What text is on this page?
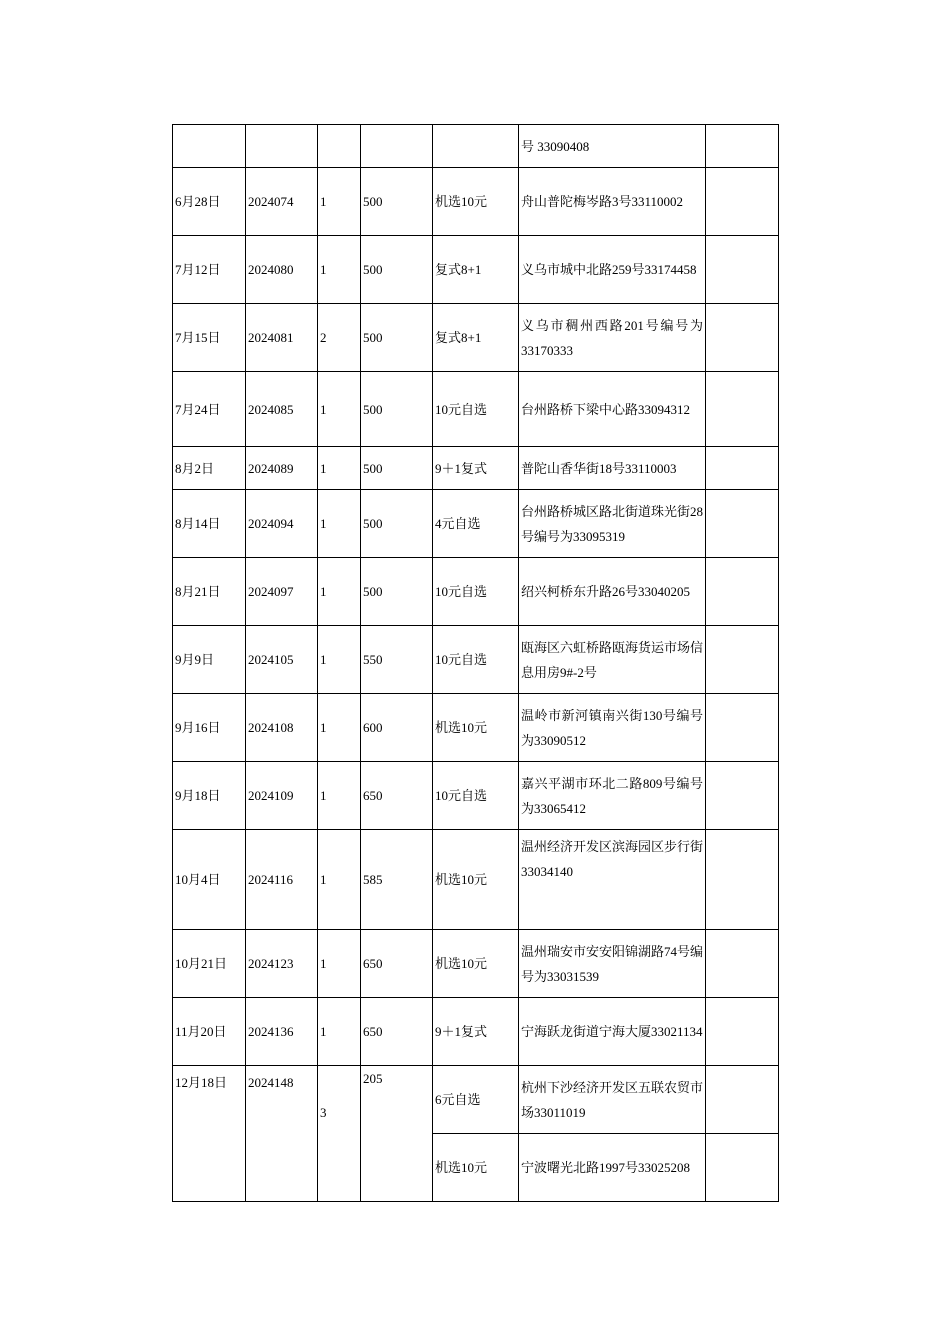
					号 33090408	
6月28日	2024074	1	500	机选10元	舟山普陀梅岑路3号33110002	
7月12日	2024080	1	500	复式8+1	义乌市城中北路259号33174458	
7月15日	2024081	2	500	复式8+1	义乌市稠州西路201号编号为33170333	
7月24日	2024085	1	500	10元自选	台州路桥下梁中心路33094312	
8月2日	2024089	1	500	9＋1复式	普陀山香华街18号33110003	
8月14日	2024094	1	500	4元自选	台州路桥城区路北街道珠光街28号编号为33095319	
8月21日	2024097	1	500	10元自选	绍兴柯桥东升路26号33040205	
9月9日	2024105	1	550	10元自选	瓯海区六虹桥路瓯海货运市场信息用房9#-2号	
9月16日	2024108	1	600	机选10元	温岭市新河镇南兴街130号编号为33090512	
9月18日	2024109	1	650	10元自选	嘉兴平湖市环北二路809号编号为33065412	
10月4日	2024116	1	585	机选10元	温州经济开发区滨海园区步行街33034140	
10月21日	2024123	1	650	机选10元	温州瑞安市安安阳锦湖路74号编号为33031539	
11月20日	2024136	1	650	9＋1复式	宁海跃龙街道宁海大厦33021134	
12月18日	2024148	3	205	6元自选	杭州下沙经济开发区五联农贸市场33011019	
				机选10元	宁波曙光北路1997号33025208	
